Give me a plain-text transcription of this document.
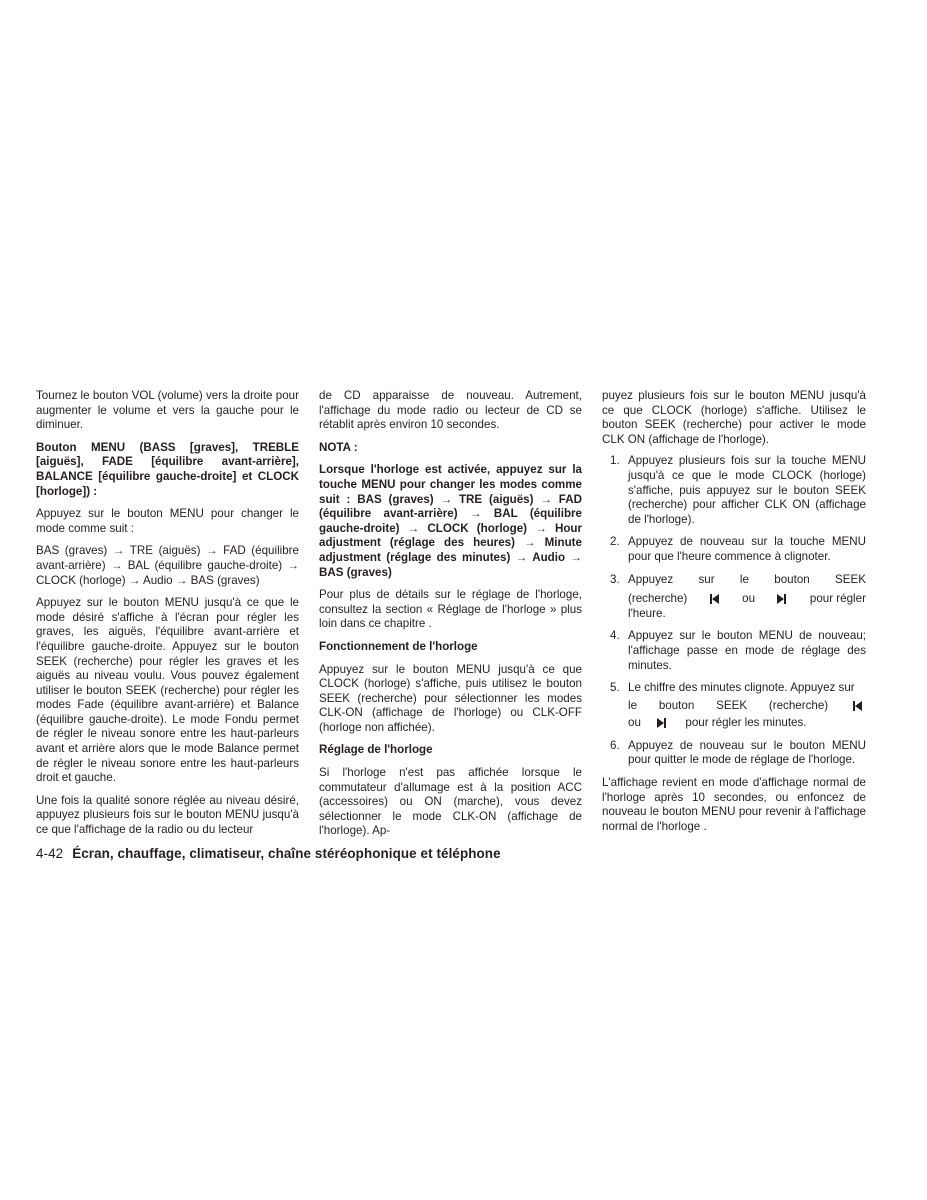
Tournez le bouton VOL (volume) vers la droite pour augmenter le volume et vers la gauche pour le diminuer.

Bouton MENU (BASS [graves], TREBLE [aiguës], FADE [équilibre avant-arrière], BALANCE [équilibre gauche-droite] et CLOCK [horloge]) :

Appuyez sur le bouton MENU pour changer le mode comme suit :

BAS (graves) → TRE (aiguës) → FAD (équilibre avant-arrière) → BAL (équilibre gauche-droite) → CLOCK (horloge) → Audio → BAS (graves)

Appuyez sur le bouton MENU jusqu'à ce que le mode désiré s'affiche à l'écran pour régler les graves, les aiguës, l'équilibre avant-arrière et l'équilibre gauche-droite. Appuyez sur le bouton SEEK (recherche) pour régler les graves et les aiguës au niveau voulu. Vous pouvez également utiliser le bouton SEEK (recherche) pour régler les modes Fade (équilibre avant-arrière) et Balance (équilibre gauche-droite). Le mode Fondu permet de régler le niveau sonore entre les haut-parleurs avant et arrière alors que le mode Balance permet de régler le niveau sonore entre les haut-parleurs droit et gauche.

Une fois la qualité sonore réglée au niveau désiré, appuyez plusieurs fois sur le bouton MENU jusqu'à ce que l'affichage de la radio ou du lecteur

de CD apparaisse de nouveau. Autrement, l'affichage du mode radio ou lecteur de CD se rétablit après environ 10 secondes.

NOTA :
Lorsque l'horloge est activée, appuyez sur la touche MENU pour changer les modes comme suit : BAS (graves) → TRE (aiguës) → FAD (équilibre avant-arrière) → BAL (équilibre gauche-droite) → CLOCK (horloge) → Hour adjustment (réglage des heures) → Minute adjustment (réglage des minutes) → Audio → BAS (graves)

Pour plus de détails sur le réglage de l'horloge, consultez la section « Réglage de l'horloge » plus loin dans ce chapitre .

Fonctionnement de l'horloge

Appuyez sur le bouton MENU jusqu'à ce que CLOCK (horloge) s'affiche, puis utilisez le bouton SEEK (recherche) pour sélectionner les modes CLK-ON (affichage de l'horloge) ou CLK-OFF (horloge non affichée).

Réglage de l'horloge

Si l'horloge n'est pas affichée lorsque le commutateur d'allumage est à la position ACC (accessoires) ou ON (marche), vous devez sélectionner le mode CLK-ON (affichage de l'horloge). Ap-

puyez plusieurs fois sur le bouton MENU jusqu'à ce que CLOCK (horloge) s'affiche. Utilisez le bouton SEEK (recherche) pour activer le mode CLK ON (affichage de l'horloge).

1. Appuyez plusieurs fois sur la touche MENU jusqu'à ce que le mode CLOCK (horloge) s'affiche, puis appuyez sur le bouton SEEK (recherche) pour afficher CLK ON (affichage de l'horloge).
2. Appuyez de nouveau sur la touche MENU pour que l'heure commence à clignoter.
3. Appuyez sur le bouton SEEK
(recherche)	ou	pour régler
l'heure.
4. Appuyez sur le bouton MENU de nouveau; l'affichage passe en mode de réglage des minutes.
5. Le chiffre des minutes clignote. Appuyez sur
le bouton SEEK (recherche)
ou	pour régler les minutes.
6. Appuyez de nouveau sur le bouton MENU pour quitter le mode de réglage de l'horloge.

L'affichage revient en mode d'affichage normal de l'horloge après 10 secondes, ou enfoncez de nouveau le bouton MENU pour revenir à l'affichage normal de l'horloge .

4-42 Écran, chauffage, climatiseur, chaîne stéréophonique et téléphone
